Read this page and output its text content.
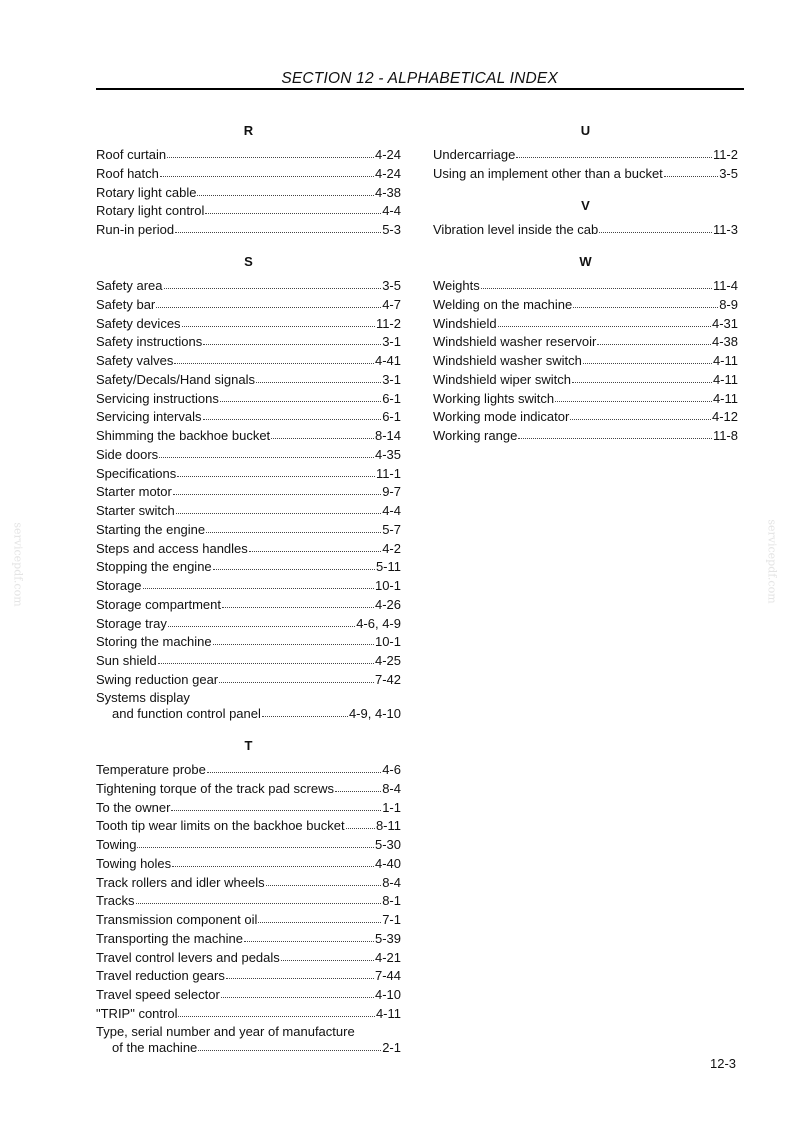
SECTION 12 - ALPHABETICAL INDEX
R
Roof curtain	4-24
Roof hatch	4-24
Rotary light cable	4-38
Rotary light control	4-4
Run-in period	5-3
S
Safety area	3-5
Safety bar	4-7
Safety devices	11-2
Safety instructions	3-1
Safety valves	4-41
Safety/Decals/Hand signals	3-1
Servicing instructions	6-1
Servicing intervals	6-1
Shimming the backhoe bucket	8-14
Side doors	4-35
Specifications	11-1
Starter motor	9-7
Starter switch	4-4
Starting the engine	5-7
Steps and access handles	4-2
Stopping the engine	5-11
Storage	10-1
Storage compartment	4-26
Storage tray	4-6, 4-9
Storing the machine	10-1
Sun shield	4-25
Swing reduction gear	7-42
Systems display
and function control panel	4-9, 4-10
T
Temperature probe	4-6
Tightening torque of the track pad screws	8-4
To the owner	1-1
Tooth tip wear limits on the backhoe bucket 8-11
Towing	5-30
Towing holes	4-40
Track rollers and idler wheels	8-4
Tracks	8-1
Transmission component oil	7-1
Transporting the machine	5-39
Travel control levers and pedals	4-21
Travel reduction gears	7-44
Travel speed selector	4-10
"TRIP" control	4-11
Type, serial number and year of manufacture
of the machine	2-1
U
Undercarriage	11-2
Using an implement other than a bucket	3-5
V
Vibration level inside the cab	11-3
W
Weights	11-4
Welding on the machine	8-9
Windshield	4-31
Windshield washer reservoir	4-38
Windshield washer switch	4-11
Windshield wiper switch	4-11
Working lights switch	4-11
Working mode indicator	4-12
Working range	11-8
12-3
servicepdf.com	servicepdf.com
